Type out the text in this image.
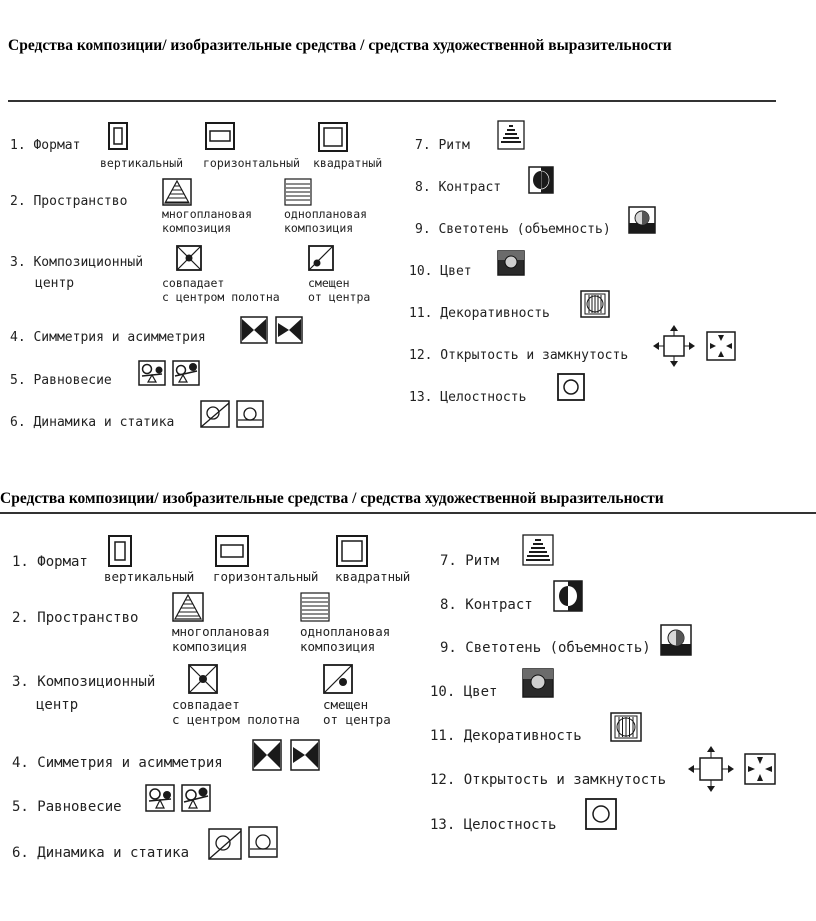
Средства композиции/ изобразительные средства / средства художественной выразительности
1. Формат
вертикальный горизонтальный квадратный
2. Пространство
многоплановая
композиция
одноплановая
композиция
3. Композиционный
центр	совпадает
с центром полотна
смещен
от центра
4. Симметрия и асимметрия
5. Равновесие
6. Динамика и статика
7. Ритм
8. Контраст
9. Светотень (объемность)
10. Цвет
11. Декоративность
12. Открытость и замкнутость
13. Целостность
Средства композиции/ изобразительные средства / средства художественной выразительности
1. Формат
вертикальный горизонтальный квадратный
2. Пространство
многоплановая
композиция
одноплановая
композиция
3. Композиционный
центр	совпадает
с центром полотна
смещен
от центра
4. Симметрия и асимметрия
5. Равновесие
6. Динамика и статика
7. Ритм
8. Контраст
9. Светотень (объемность)
10. Цвет
11. Декоративность
12. Открытость и замкнутость
13. Целостность
